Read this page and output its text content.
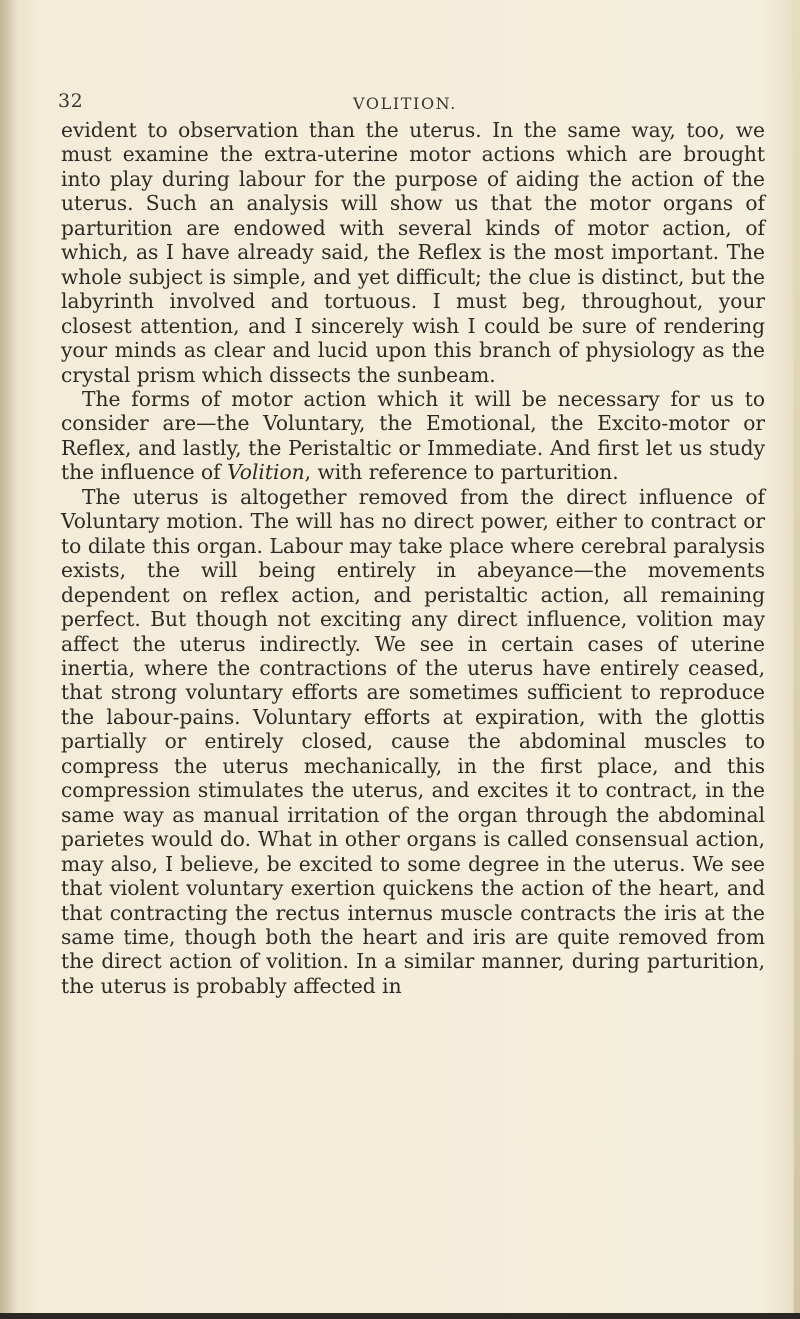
32	VOLITION.

evident to observation than the uterus. In the same way, too, we must examine the extra-uterine motor actions which are brought into play during labour for the purpose of aiding the action of the uterus. Such an analysis will show us that the motor organs of parturition are endowed with several kinds of motor action, of which, as I have already said, the Reflex is the most important. The whole subject is simple, and yet difficult; the clue is distinct, but the labyrinth involved and tortuous. I must beg, throughout, your closest attention, and I sincerely wish I could be sure of rendering your minds as clear and lucid upon this branch of physiology as the crystal prism which dissects the sunbeam.

The forms of motor action which it will be necessary for us to consider are—the Voluntary, the Emotional, the Excito-motor or Reflex, and lastly, the Peristaltic or Immediate. And first let us study the influence of Volition, with reference to parturition.

The uterus is altogether removed from the direct influence of Voluntary motion. The will has no direct power, either to contract or to dilate this organ. Labour may take place where cerebral paralysis exists, the will being entirely in abeyance—the movements dependent on reflex action, and peristaltic action, all remaining perfect. But though not exciting any direct influence, volition may affect the uterus indirectly. We see in certain cases of uterine inertia, where the contractions of the uterus have entirely ceased, that strong voluntary efforts are sometimes sufficient to reproduce the labour-pains. Voluntary efforts at expiration, with the glottis partially or entirely closed, cause the abdominal muscles to compress the uterus mechanically, in the first place, and this compression stimulates the uterus, and excites it to contract, in the same way as manual irritation of the organ through the abdominal parietes would do. What in other organs is called consensual action, may also, I believe, be excited to some degree in the uterus. We see that violent voluntary exertion quickens the action of the heart, and that contracting the rectus internus muscle contracts the iris at the same time, though both the heart and iris are quite removed from the direct action of volition. In a similar manner, during parturition, the uterus is probably affected in
